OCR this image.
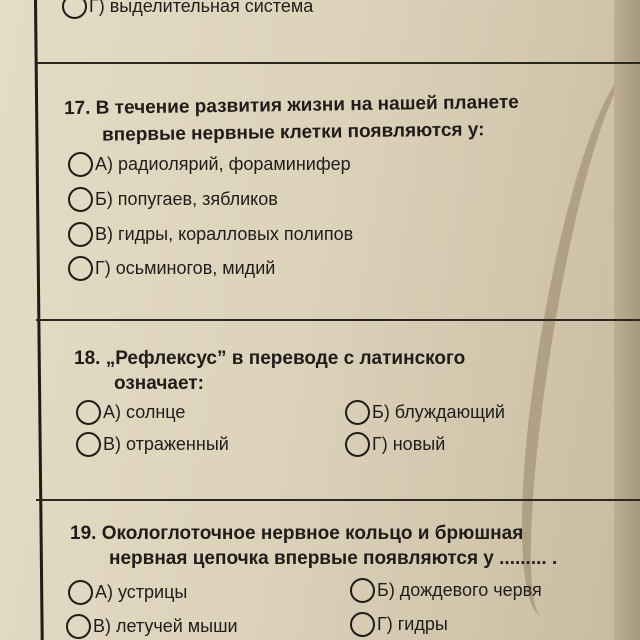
Г) выделительная система
17. В течение развития жизни на нашей планете
впервые нервные клетки появляются у:
А) радиолярий, фораминифер
Б) попугаев, зябликов
В) гидры, коралловых полипов
Г) осьминогов, мидий
18. „Рефлексус” в переводе с латинского
означает:
А) солнце	Б) блуждающий
В) отраженный	Г) новый
19. Окологлоточное нервное кольцо и брюшная
нервная цепочка впервые появляются у ......... .
А) устрицы	Б) дождевого червя
В) летучей мыши	Г) гидры
